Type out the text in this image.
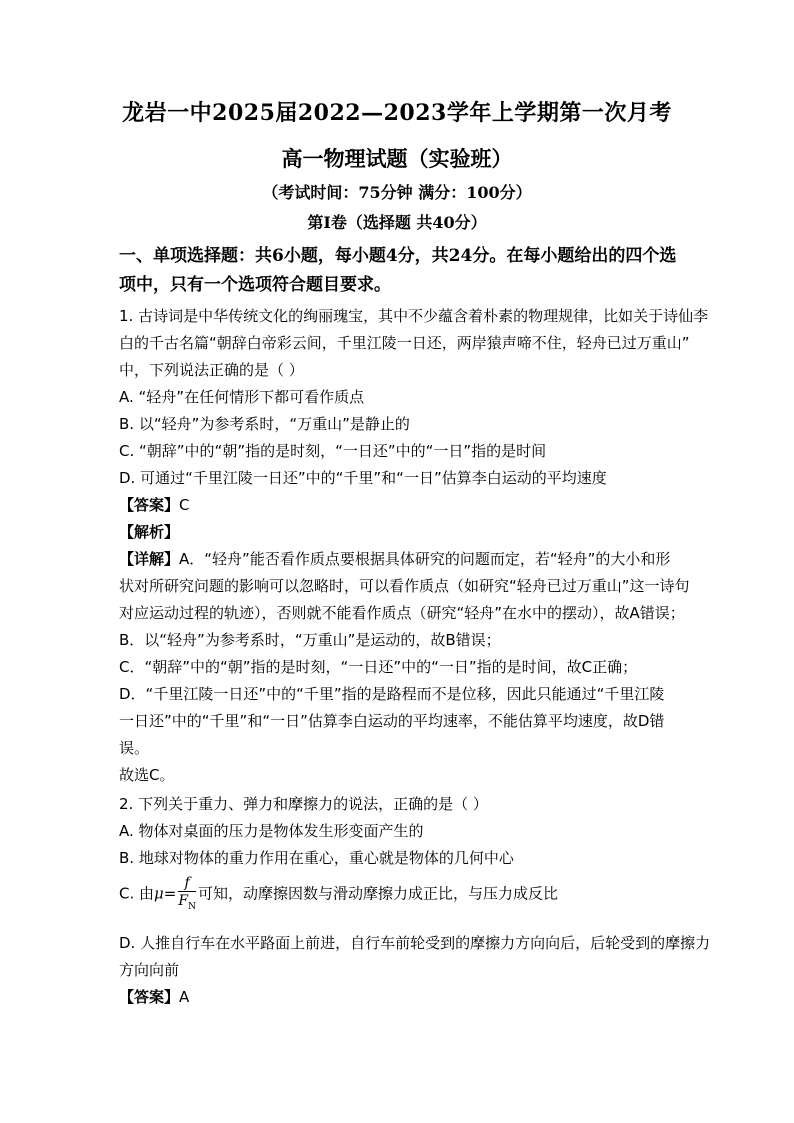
龙岩一中2025届2022—2023学年上学期第一次月考
高一物理试题（实验班）
（考试时间：75分钟 满分：100分）
第I卷（选择题 共40分）
一、单项选择题：共6小题，每小题4分，共24分。在每小题给出的四个选
项中，只有一个选项符合题目要求。
1. 古诗词是中华传统文化的绚丽瑰宝，其中不少蕴含着朴素的物理规律，比如关于诗仙李
白的千古名篇“朝辞白帝彩云间，千里江陵一日还，两岸猿声啼不住，轻舟已过万重山”
中，下列说法正确的是（ ）
A. “轻舟”在任何情形下都可看作质点
B. 以“轻舟”为参考系时，“万重山”是静止的
C. “朝辞”中的“朝”指的是时刻，“一日还”中的“一日”指的是时间
D. 可通过“千里江陵一日还”中的“千里”和“一日”估算李白运动的平均速度
【答案】C
【解析】
【详解】A．“轻舟”能否看作质点要根据具体研究的问题而定，若“轻舟”的大小和形
状对所研究问题的影响可以忽略时，可以看作质点（如研究“轻舟已过万重山”这一诗句
对应运动过程的轨迹），否则就不能看作质点（研究“轻舟”在水中的摆动），故A错误；
B．以“轻舟”为参考系时，“万重山”是运动的，故B错误；
C．“朝辞”中的“朝”指的是时刻，“一日还”中的“一日”指的是时间，故C正确；
D．“千里江陵一日还”中的“千里”指的是路程而不是位移，因此只能通过“千里江陵
一日还”中的“千里”和“一日”估算李白运动的平均速率，不能估算平均速度，故D错
误。
故选C。
2. 下列关于重力、弹力和摩擦力的说法，正确的是（ ）
A. 物体对桌面的压力是物体发生形变面产生的
B. 地球对物体的重力作用在重心，重心就是物体的几何中心
C. 由$\mu= \frac{f}{F_N}$ 可知，动摩擦因数与滑动摩擦力成正比，与压力成反比
D. 人推自行车在水平路面上前进，自行车前轮受到的摩擦力方向向后，后轮受到的摩擦力
方向向前
【答案】A
